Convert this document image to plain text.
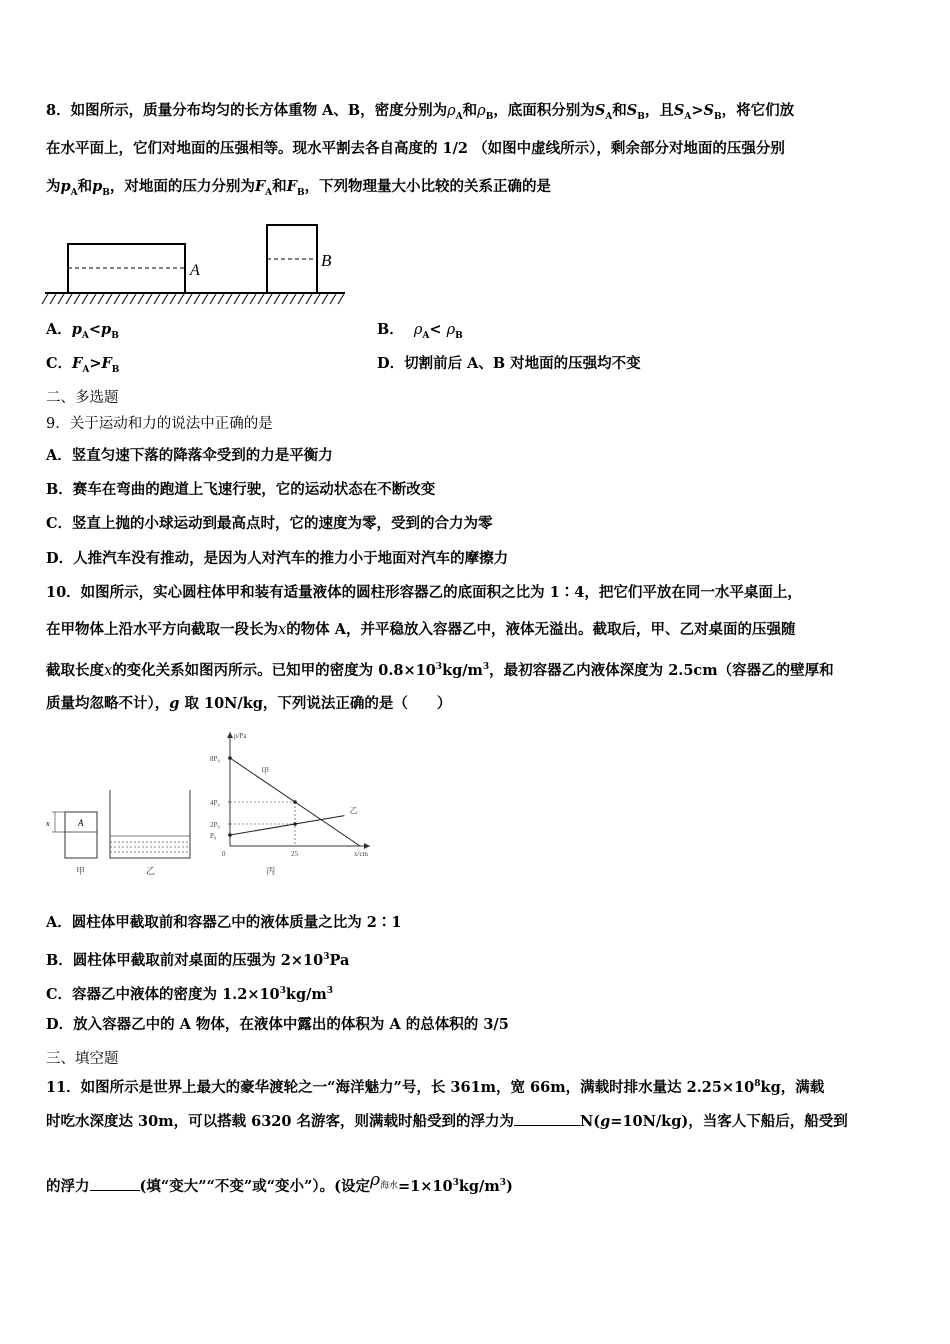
8．如图所示，质量分布均匀的长方体重物 A、B，密度分别为$\rho_A$和$\rho_B$，底面积分别为$S_A$和$S_B$，且$S_A>S_B$，将它们放
在水平面上，它们对地面的压强相等。现水平割去各自高度的 1/2 （如图中虚线所示），剩余部分对地面的压强分别
为$p_A$和$p_B$，对地面的压力分别为$F_A$和$F_B$，下列物理量大小比较的关系正确的是
A
B
A．$p_A<p_B$	B． $\rho_A< \rho_B$
C．$F_A>F_B$	D．切割前后 A、B 对地面的压强均不变
二、多选题
9．关于运动和力的说法中正确的是
A．竖直匀速下落的降落伞受到的力是平衡力
B．赛车在弯曲的跑道上飞速行驶，它的运动状态在不断改变
C．竖直上抛的小球运动到最高点时，它的速度为零，受到的合力为零
D．人推汽车没有推动，是因为人对汽车的推力小于地面对汽车的摩擦力
10．如图所示，实心圆柱体甲和装有适量液体的圆柱形容器乙的底面积之比为 1∶4，把它们平放在同一水平桌面上，
在甲物体上沿水平方向截取一段长为x的物体 A，并平稳放入容器乙中，液体无溢出。截取后，甲、乙对桌面的压强随
截取长度x的变化关系如图丙所示。已知甲的密度为 $0.8\times 10^3kg/m^3$，最初容器乙内液体深度为 2.5cm（容器乙的壁厚和
质量均忽略不计），g 取 10N/kg，下列说法正确的是（　　）
A
x
甲	乙
p/Pa
x/cm
0
8P₀
4P₀
2P₀
P₀
25
甲
乙
丙
A．圆柱体甲截取前和容器乙中的液体质量之比为 2∶1
B．圆柱体甲截取前对桌面的压强为 $2\times 10^3Pa$
C．容器乙中液体的密度为 $1.2\times 10^3kg/m^3$
D．放入容器乙中的 A 物体，在液体中露出的体积为 A 的总体积的 3/5
三、填空题
11．如图所示是世界上最大的豪华渡轮之一“海洋魅力”号，长 361m，宽 66m，满载时排水量达 $2.25\times 10^8kg$，满载
时吃水深度达 30m，可以搭载 6320 名游客，则满载时船受到的浮力为	N(g=10N/kg)，当客人下船后，船受到
的浮力	(填“变大”“不变”或“变小”）。(设定$\rho^{海水}=1\times 10^3kg/m^3$)
